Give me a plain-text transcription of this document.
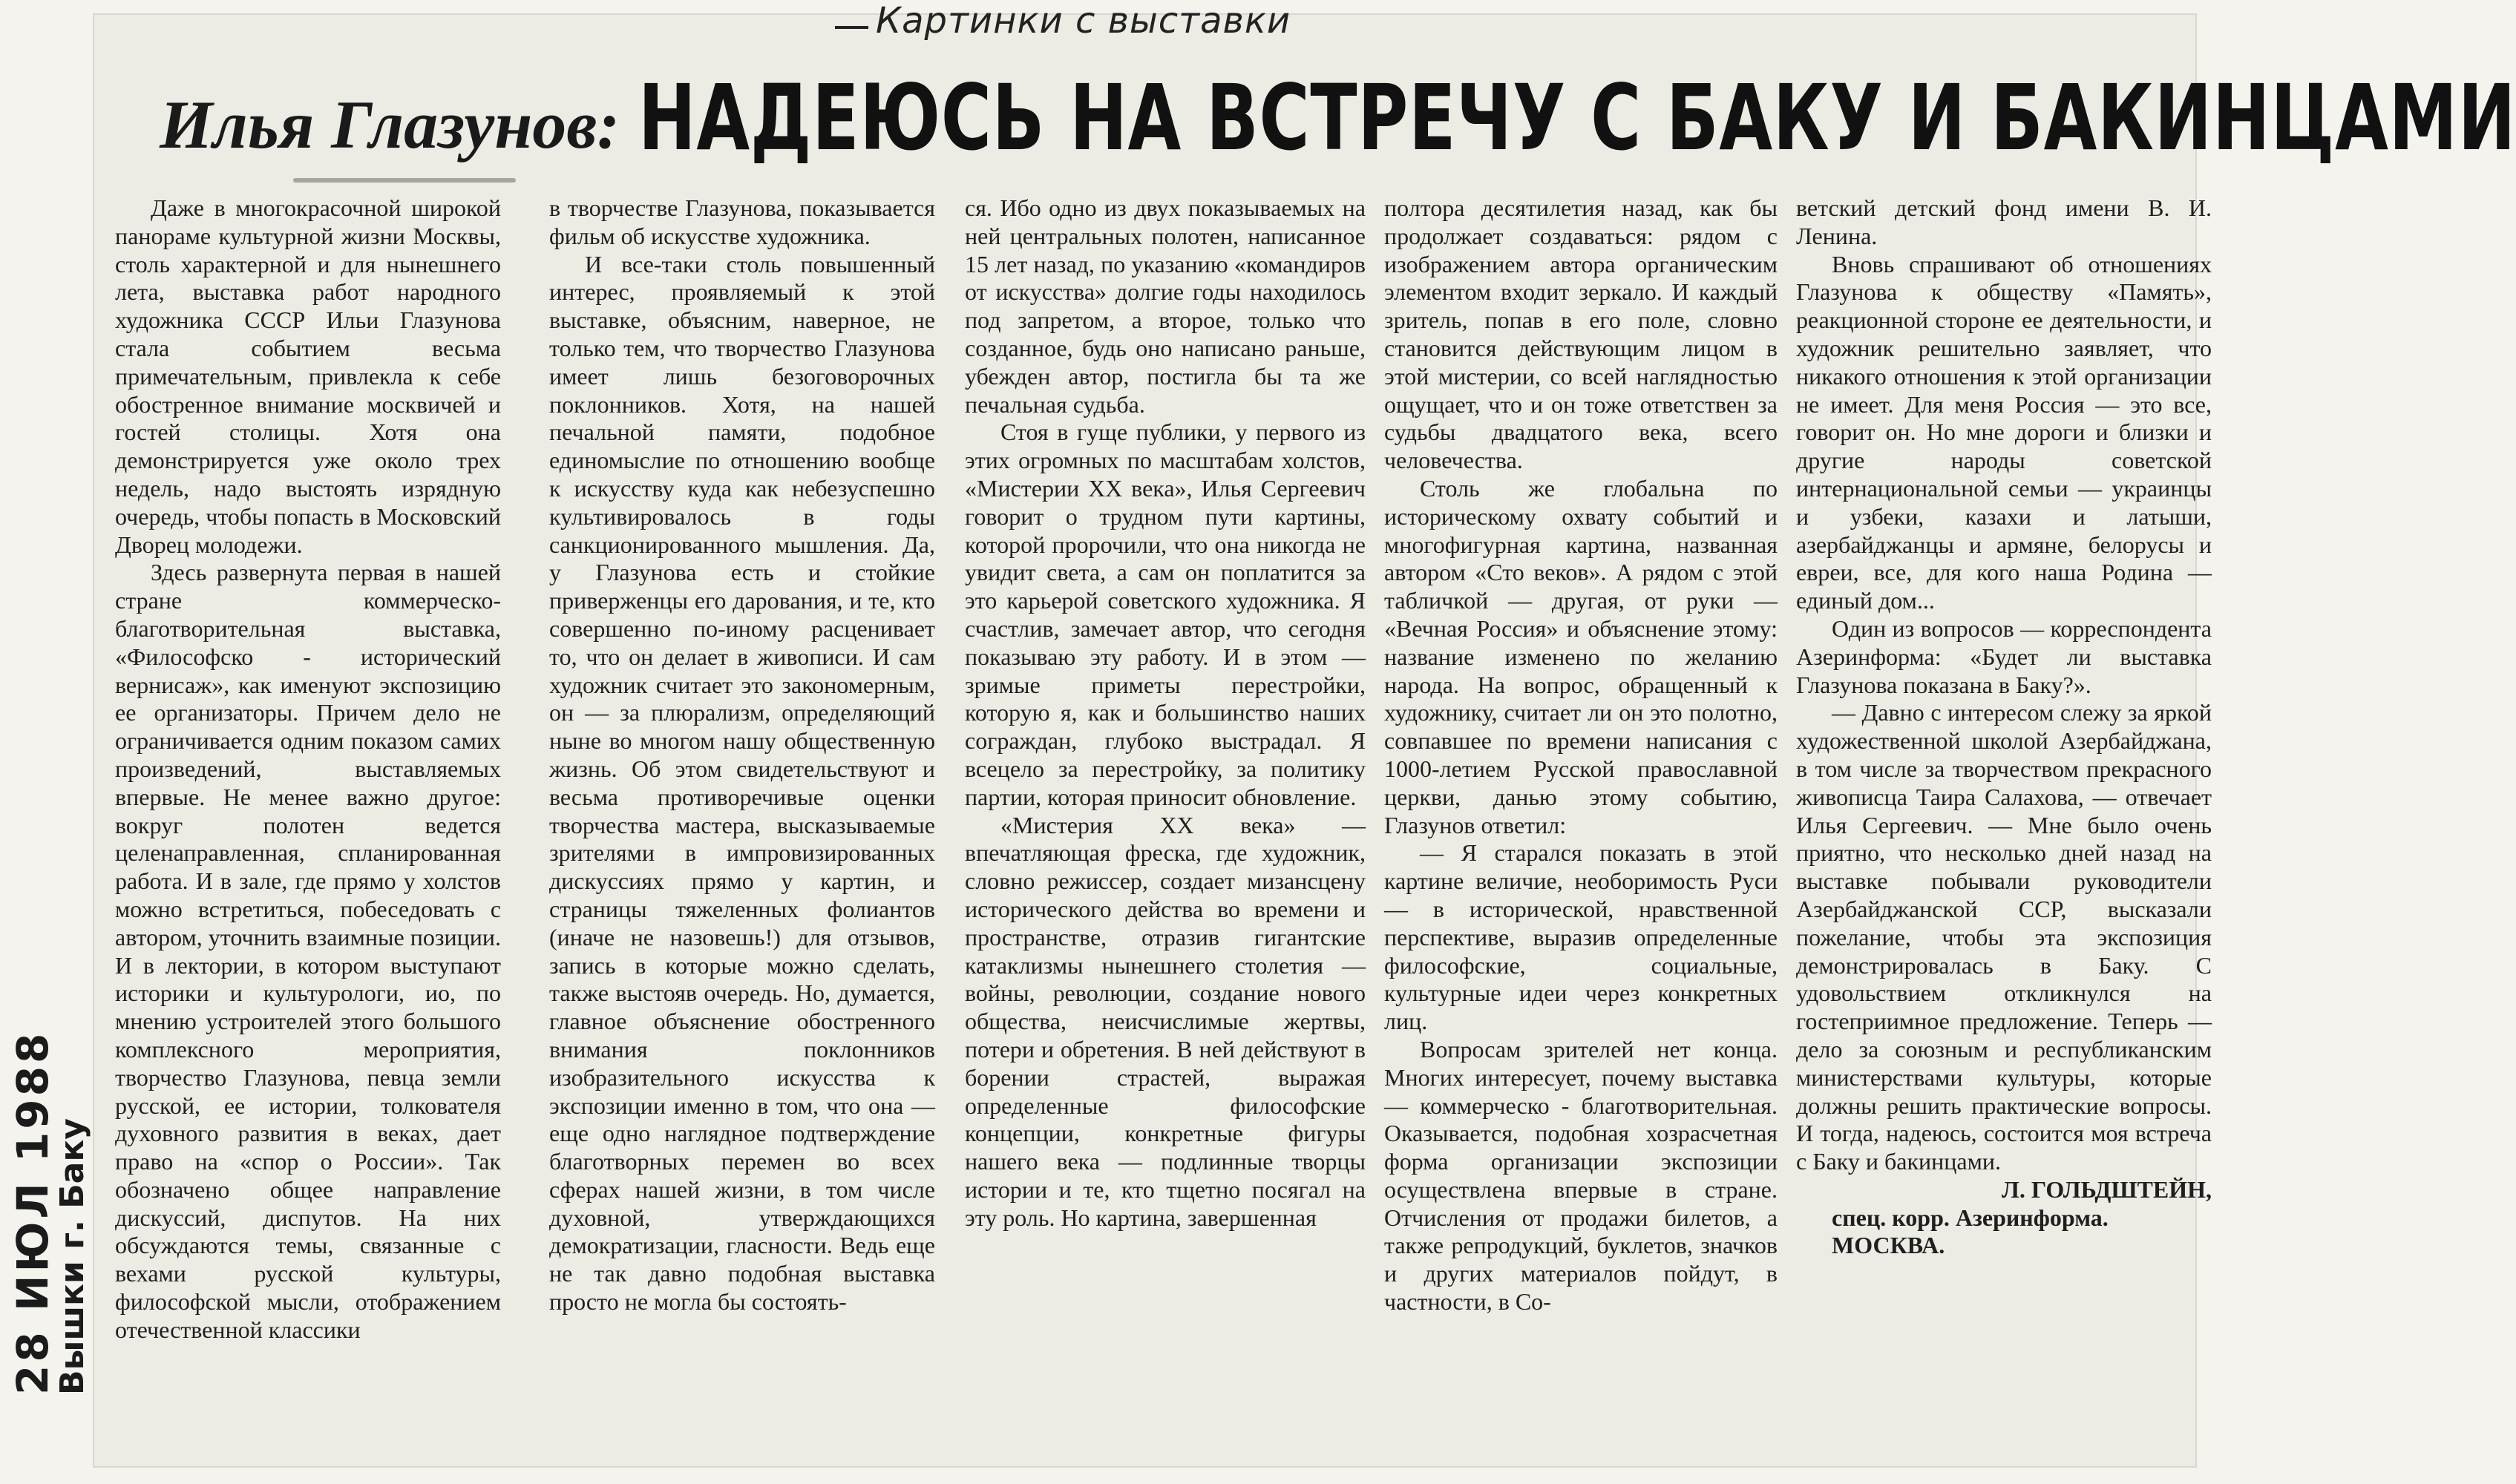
Картинки с выставки
Илья Глазунов: НАДЕЮСЬ НА ВСТРЕЧУ С БАКУ И БАКИНЦАМИ

Даже в многокрасочной широкой панораме культурной жизни Москвы, столь характерной и для нынешнего лета, выставка работ народного художника СССР Ильи Глазунова стала событием весьма примечательным, привлекла к себе обостренное внимание москвичей и гостей столицы. Хотя она демонстрируется уже около трех недель, надо выстоять изрядную очередь, чтобы попасть в Московский Дворец молодежи.

Здесь развернута первая в нашей стране коммерческо-благотворительная выставка, «Философско - исторический вернисаж», как именуют экспозицию ее организаторы. Причем дело не ограничивается одним показом самих произведений, выставляемых впервые. Не менее важно другое: вокруг полотен ведется целенаправленная, спланированная работа. И в зале, где прямо у холстов можно встретиться, побеседовать с автором, уточнить взаимные позиции. И в лектории, в котором выступают историки и культурологи, ио, по мнению устроителей этого большого комплексного мероприятия, творчество Глазунова, певца земли русской, ее истории, толкователя духовного развития в веках, дает право на «спор о России». Так обозначено общее направление дискуссий, диспутов. На них обсуждаются темы, связанные с вехами русской культуры, философской мысли, отображением отечественной классики

в творчестве Глазунова, показывается фильм об искусстве художника.

И все-таки столь повышенный интерес, проявляемый к этой выставке, объясним, наверное, не только тем, что творчество Глазунова имеет лишь безоговорочных поклонников. Хотя, на нашей печальной памяти, подобное единомыслие по отношению вообще к искусству куда как небезуспешно культивировалось в годы санкционированного мышления. Да, у Глазунова есть и стойкие приверженцы его дарования, и те, кто совершенно по-иному расценивает то, что он делает в живописи. И сам художник считает это закономерным, он — за плюрализм, определяющий ныне во многом нашу общественную жизнь. Об этом свидетельствуют и весьма противоречивые оценки творчества мастера, высказываемые зрителями в импровизированных дискуссиях прямо у картин, и страницы тяжеленных фолиантов (иначе не назовешь!) для отзывов, запись в которые можно сделать, также выстояв очередь. Но, думается, главное объяснение обостренного внимания поклонников изобразительного искусства к экспозиции именно в том, что она — еще одно наглядное подтверждение благотворных перемен во всех сферах нашей жизни, в том числе духовной, утверждающихся демократизации, гласности. Ведь еще не так давно подобная выставка просто не могла бы состоять-

ся. Ибо одно из двух показываемых на ней центральных полотен, написанное 15 лет назад, по указанию «командиров от искусства» долгие годы находилось под запретом, а второе, только что созданное, будь оно написано раньше, убежден автор, постигла бы та же печальная судьба.

Стоя в гуще публики, у первого из этих огромных по масштабам холстов, «Мистерии XX века», Илья Сергеевич говорит о трудном пути картины, которой пророчили, что она никогда не увидит света, а сам он поплатится за это карьерой советского художника. Я счастлив, замечает автор, что сегодня показываю эту работу. И в этом — зримые приметы перестройки, которую я, как и большинство наших сограждан, глубоко выстрадал. Я всецело за перестройку, за политику партии, которая приносит обновление.

«Мистерия XX века» — впечатляющая фреска, где художник, словно режиссер, создает мизансцену исторического действа во времени и пространстве, отразив гигантские катаклизмы нынешнего столетия — войны, революции, создание нового общества, неисчислимые жертвы, потери и обретения. В ней действуют в борении страстей, выражая определенные философские концепции, конкретные фигуры нашего века — подлинные творцы истории и те, кто тщетно посягал на эту роль. Но картина, завершенная

полтора десятилетия назад, как бы продолжает создаваться: рядом с изображением автора органическим элементом входит зеркало. И каждый зритель, попав в его поле, словно становится действующим лицом в этой мистерии, со всей наглядностью ощущает, что и он тоже ответствен за судьбы двадцатого века, всего человечества.

Столь же глобальна по историческому охвату событий и многофигурная картина, названная автором «Сто веков». А рядом с этой табличкой — другая, от руки — «Вечная Россия» и объяснение этому: название изменено по желанию народа. На вопрос, обращенный к художнику, считает ли он это полотно, совпавшее по времени написания с 1000-летием Русской православной церкви, данью этому событию, Глазунов ответил:

— Я старался показать в этой картине величие, необоримость Руси — в исторической, нравственной перспективе, выразив определенные философские, социальные, культурные идеи через конкретных лиц.

Вопросам зрителей нет конца. Многих интересует, почему выставка — коммерческо - благотворительная. Оказывается, подобная хозрасчетная форма организации экспозиции осуществлена впервые в стране. Отчисления от продажи билетов, а также репродукций, буклетов, значков и других материалов пойдут, в частности, в Со-

ветский детский фонд имени В. И. Ленина.

Вновь спрашивают об отношениях Глазунова к обществу «Память», реакционной стороне ее деятельности, и художник решительно заявляет, что никакого отношения к этой организации не имеет. Для меня Россия — это все, говорит он. Но мне дороги и близки и другие народы советской интернациональной семьи — украинцы и узбеки, казахи и латыши, азербайджанцы и армяне, белорусы и евреи, все, для кого наша Родина — единый дом...

Один из вопросов — корреспондента Азеринформа: «Будет ли выставка Глазунова показана в Баку?».

— Давно с интересом слежу за яркой художественной школой Азербайджана, в том числе за творчеством прекрасного живописца Таира Салахова, — отвечает Илья Сергеевич. — Мне было очень приятно, что несколько дней назад на выставке побывали руководители Азербайджанской ССР, высказали пожелание, чтобы эта экспозиция демонстрировалась в Баку. С удовольствием откликнулся на гостеприимное предложение. Теперь — дело за союзным и республиканским министерствами культуры, которые должны решить практические вопросы. И тогда, надеюсь, состоится моя встреча с Баку и бакинцами.

Л. ГОЛЬДШТЕЙН,

спец. корр. Азеринформа.

МОСКВА.

28 ИЮЛ 1988
Вышки г. Баку
